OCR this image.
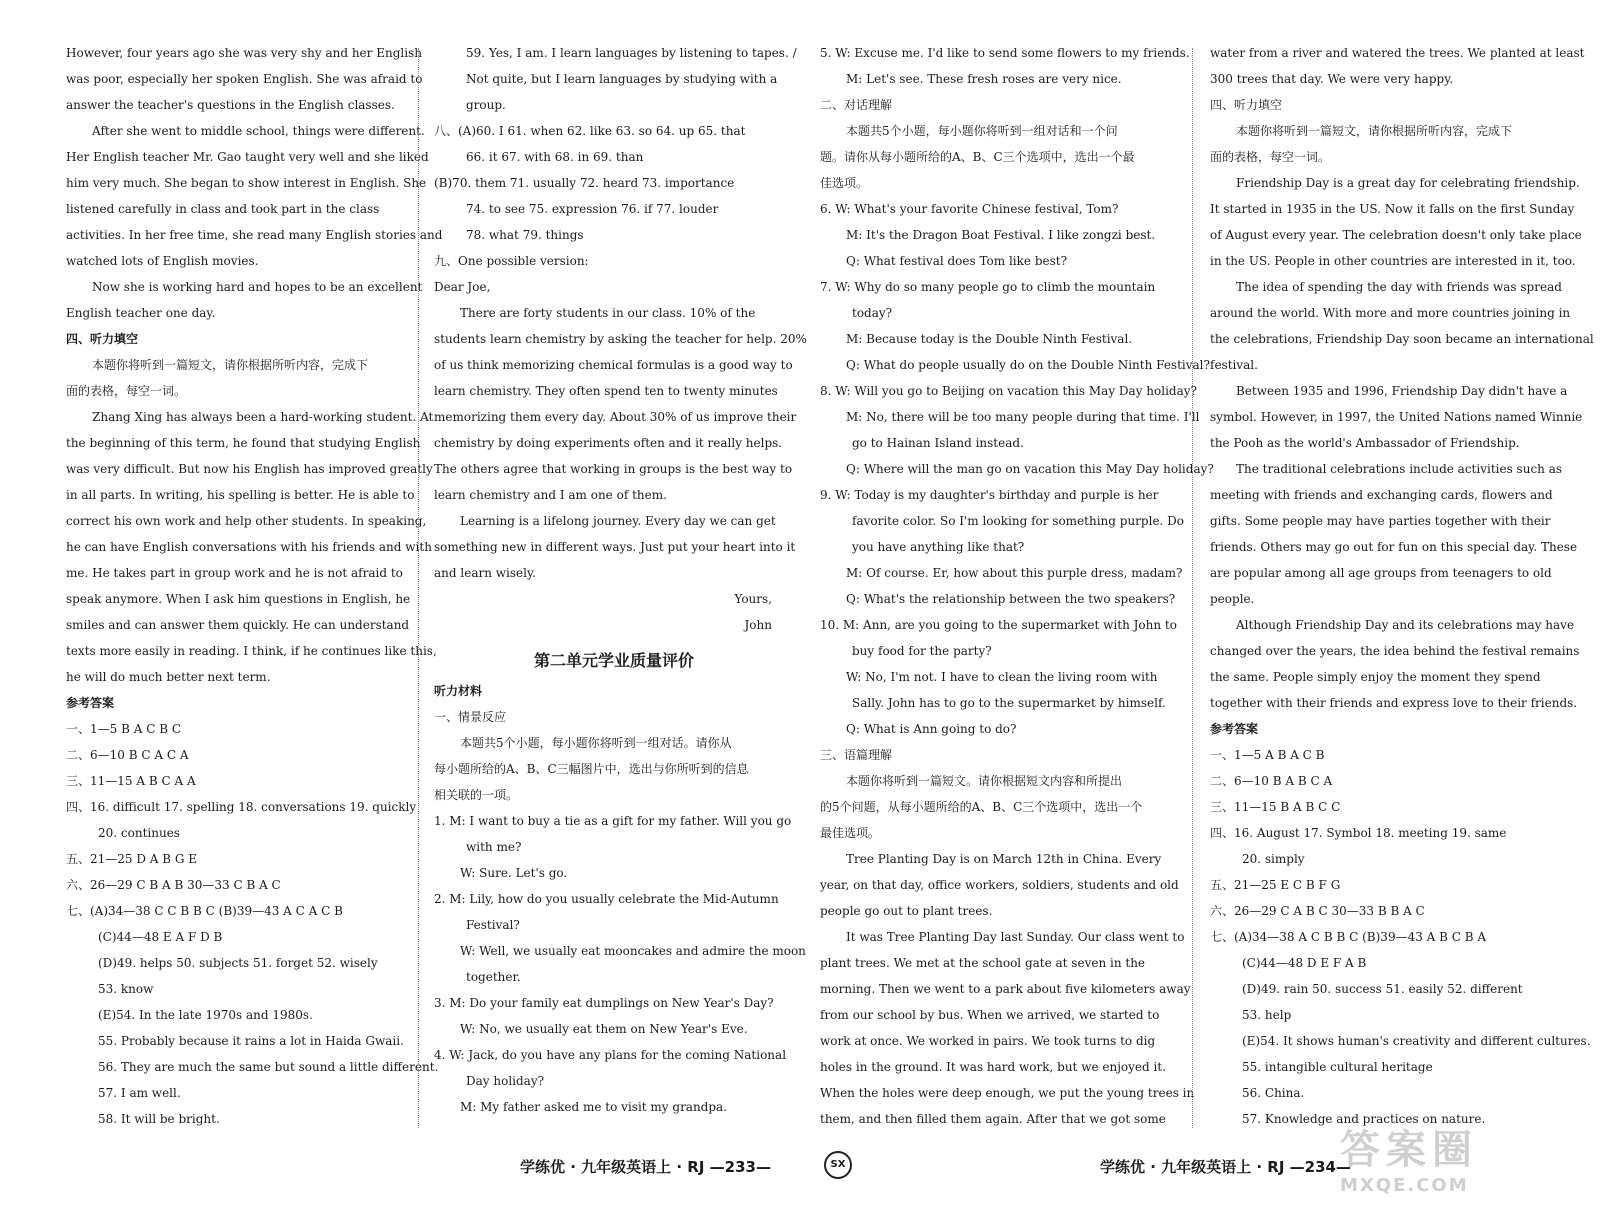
However, four years ago she was very shy and her English
was poor, especially her spoken English. She was afraid to
answer the teacher's questions in the English classes.
After she went to middle school, things were different.
Her English teacher Mr. Gao taught very well and she liked
him very much. She began to show interest in English. She
listened carefully in class and took part in the class
activities. In her free time, she read many English stories and
watched lots of English movies.
Now she is working hard and hopes to be an excellent
English teacher one day.
四、听力填空
本题你将听到一篇短文，请你根据所听内容，完成下
面的表格，每空一词。
Zhang Xing has always been a hard-working student. At
the beginning of this term, he found that studying English
was very difficult. But now his English has improved greatly
in all parts. In writing, his spelling is better. He is able to
correct his own work and help other students. In speaking,
he can have English conversations with his friends and with
me. He takes part in group work and he is not afraid to
speak anymore. When I ask him questions in English, he
smiles and can answer them quickly. He can understand
texts more easily in reading. I think, if he continues like this,
he will do much better next term.
参考答案
一、1—5 B A C B C
二、6—10 B C A C A
三、11—15 A B C A A
四、16. difficult 17. spelling 18. conversations 19. quickly
20. continues
五、21—25 D A B G E
六、26—29 C B A B 30—33 C B A C
七、(A)34—38 C C B B C (B)39—43 A C A C B
(C)44—48 E A F D B
(D)49. helps 50. subjects 51. forget 52. wisely
53. know
(E)54. In the late 1970s and 1980s.
55. Probably because it rains a lot in Haida Gwaii.
56. They are much the same but sound a little different.
57. I am well.
58. It will be bright.
59. Yes, I am. I learn languages by listening to tapes. /
Not quite, but I learn languages by studying with a
group.
八、(A)60. I 61. when 62. like 63. so 64. up 65. that
66. it 67. with 68. in 69. than
(B)70. them 71. usually 72. heard 73. importance
74. to see 75. expression 76. if 77. louder
78. what 79. things
九、One possible version:
Dear Joe,
There are forty students in our class. 10% of the
students learn chemistry by asking the teacher for help. 20%
of us think memorizing chemical formulas is a good way to
learn chemistry. They often spend ten to twenty minutes
memorizing them every day. About 30% of us improve their
chemistry by doing experiments often and it really helps.
The others agree that working in groups is the best way to
learn chemistry and I am one of them.
Learning is a lifelong journey. Every day we can get
something new in different ways. Just put your heart into it
and learn wisely.
Yours,
John
第二单元学业质量评价
听力材料
一、情景反应
本题共5个小题，每小题你将听到一组对话。请你从
每小题所给的A、B、C三幅图片中，选出与你所听到的信息
相关联的一项。
1. M: I want to buy a tie as a gift for my father. Will you go
with me?
W: Sure. Let's go.
2. M: Lily, how do you usually celebrate the Mid-Autumn
Festival?
W: Well, we usually eat mooncakes and admire the moon
together.
3. M: Do your family eat dumplings on New Year's Day?
W: No, we usually eat them on New Year's Eve.
4. W: Jack, do you have any plans for the coming National
Day holiday?
M: My father asked me to visit my grandpa.
5. W: Excuse me. I'd like to send some flowers to my friends.
M: Let's see. These fresh roses are very nice.
二、对话理解
本题共5个小题，每小题你将听到一组对话和一个问
题。请你从每小题所给的A、B、C三个选项中，选出一个最
佳选项。
6. W: What's your favorite Chinese festival, Tom?
M: It's the Dragon Boat Festival. I like zongzi best.
Q: What festival does Tom like best?
7. W: Why do so many people go to climb the mountain
today?
M: Because today is the Double Ninth Festival.
Q: What do people usually do on the Double Ninth Festival?
8. W: Will you go to Beijing on vacation this May Day holiday?
M: No, there will be too many people during that time. I'll
go to Hainan Island instead.
Q: Where will the man go on vacation this May Day holiday?
9. W: Today is my daughter's birthday and purple is her
favorite color. So I'm looking for something purple. Do
you have anything like that?
M: Of course. Er, how about this purple dress, madam?
Q: What's the relationship between the two speakers?
10. M: Ann, are you going to the supermarket with John to
buy food for the party?
W: No, I'm not. I have to clean the living room with
Sally. John has to go to the supermarket by himself.
Q: What is Ann going to do?
三、语篇理解
本题你将听到一篇短文。请你根据短文内容和所提出
的5个问题，从每小题所给的A、B、C三个选项中，选出一个
最佳选项。
Tree Planting Day is on March 12th in China. Every
year, on that day, office workers, soldiers, students and old
people go out to plant trees.
It was Tree Planting Day last Sunday. Our class went to
plant trees. We met at the school gate at seven in the
morning. Then we went to a park about five kilometers away
from our school by bus. When we arrived, we started to
work at once. We worked in pairs. We took turns to dig
holes in the ground. It was hard work, but we enjoyed it.
When the holes were deep enough, we put the young trees in
them, and then filled them again. After that we got some
water from a river and watered the trees. We planted at least
300 trees that day. We were very happy.
四、听力填空
本题你将听到一篇短文，请你根据所听内容，完成下
面的表格，每空一词。
Friendship Day is a great day for celebrating friendship.
It started in 1935 in the US. Now it falls on the first Sunday
of August every year. The celebration doesn't only take place
in the US. People in other countries are interested in it, too.
The idea of spending the day with friends was spread
around the world. With more and more countries joining in
the celebrations, Friendship Day soon became an international
festival.
Between 1935 and 1996, Friendship Day didn't have a
symbol. However, in 1997, the United Nations named Winnie
the Pooh as the world's Ambassador of Friendship.
The traditional celebrations include activities such as
meeting with friends and exchanging cards, flowers and
gifts. Some people may have parties together with their
friends. Others may go out for fun on this special day. These
are popular among all age groups from teenagers to old
people.
Although Friendship Day and its celebrations may have
changed over the years, the idea behind the festival remains
the same. People simply enjoy the moment they spend
together with their friends and express love to their friends.
参考答案
一、1—5 A B A C B
二、6—10 B A B C A
三、11—15 B A B C C
四、16. August 17. Symbol 18. meeting 19. same
20. simply
五、21—25 E C B F G
六、26—29 C A B C 30—33 B B A C
七、(A)34—38 A C B B C (B)39—43 A B C B A
(C)44—48 D E F A B
(D)49. rain 50. success 51. easily 52. different
53. help
(E)54. It shows human's creativity and different cultures.
55. intangible cultural heritage
56. China.
57. Knowledge and practices on nature.
学练优 · 九年级英语上 · RJ —233—	SX	学练优 · 九年级英语上 · RJ —234—
答案圈
MXQE.COM
